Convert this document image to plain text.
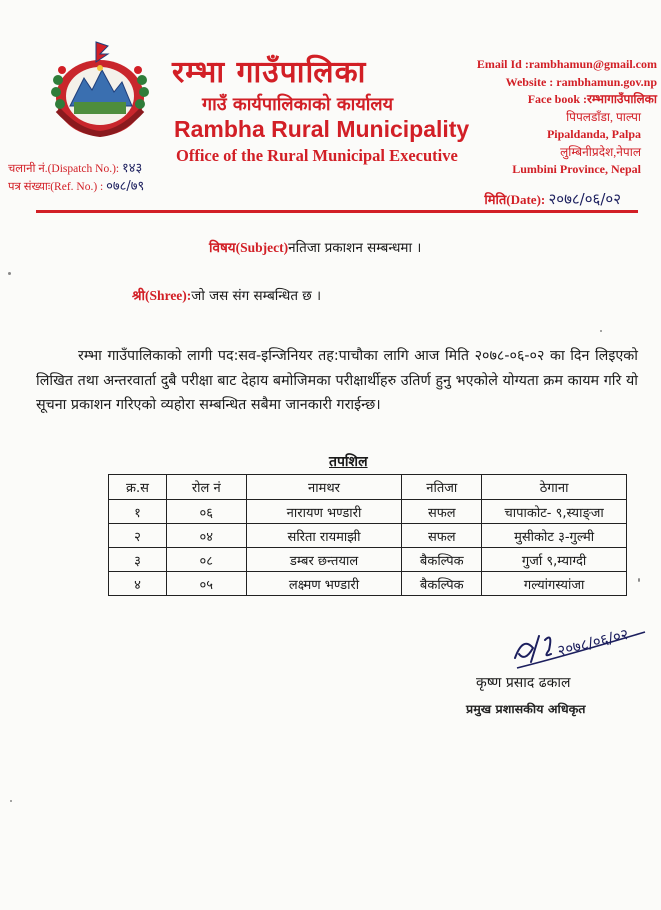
रम्भा गाउँपालिका
गाउँ कार्यपालिकाको कार्यालय
Rambha Rural Municipality
Office of the Rural Municipal Executive
Email Id :rambhamun@gmail.com
Website : rambhamun.gov.np
Face book :रम्भागाउँपालिका
पिपलडाँडा, पाल्पा
Pipaldanda, Palpa
लुम्बिनीप्रदेश,नेपाल
Lumbini Province, Nepal
चलानी नं.(Dispatch No.): १४३
पत्र संख्याः(Ref. No.) : ०७८/७९
मिति(Date): २०७८/०६/०२
विषय(Subject)नतिजा प्रकाशन सम्बन्धमा ।
श्री(Shree):जो जस संग सम्बन्धित छ ।
रम्भा गाउँपालिकाको लागी पद:सव-इन्जिनियर तह:पाचौका लागि आज मिति २०७८-०६-०२ का दिन लिइएको लिखित तथा अन्तरवार्ता दुबै परीक्षा बाट देहाय बमोजिमका परीक्षार्थीहरु उतिर्ण हुनु भएकोले योग्यता क्रम कायम गरि यो सूचना प्रकाशन गरिएको व्यहोरा सम्बन्धित सबैमा जानकारी गराईन्छ।
तपशिल
क्र.स	रोल नं	नामथर	नतिजा	ठेगाना
१	०६	नारायण भण्डारी	सफल	चापाकोट- ९,स्याङ्जा
२	०४	सरिता रायमाझी	सफल	मुसीकोट ३-गुल्मी
३	०८	डम्बर छन्तयाल	बैकल्पिक	गुर्जा ९,म्याग्दी
४	०५	लक्ष्मण भण्डारी	बैकल्पिक	गल्यांगस्यांजा
२०७८/०६/०२
कृष्ण प्रसाद ढकाल
प्रमुख प्रशासकीय अधिकृत
